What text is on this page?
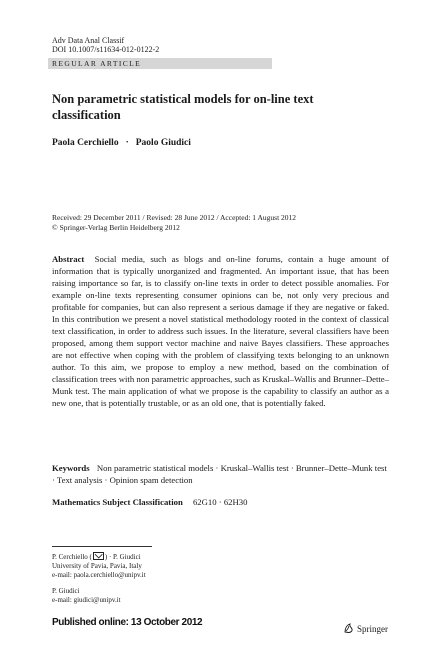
Adv Data Anal Classif
DOI 10.1007/s11634-012-0122-2
REGULAR ARTICLE
Non parametric statistical models for on-line text classification
Paola Cerchiello · Paolo Giudici
Received: 29 December 2011 / Revised: 28 June 2012 / Accepted: 1 August 2012
© Springer-Verlag Berlin Heidelberg 2012

Abstract Social media, such as blogs and on-line forums, contain a huge amount of information that is typically unorganized and fragmented. An important issue, that has been raising importance so far, is to classify on-line texts in order to detect possible anomalies. For example on-line texts representing consumer opinions can be, not only very precious and profitable for companies, but can also represent a serious damage if they are negative or faked. In this contribution we present a novel statistical methodology rooted in the context of classical text classification, in order to address such issues. In the literature, several classifiers have been proposed, among them support vector machine and naive Bayes classifiers. These approaches are not effective when coping with the problem of classifying texts belonging to an unknown author. To this aim, we propose to employ a new method, based on the combination of classification trees with non parametric approaches, such as Kruskal–Wallis and Brunner–Dette–Munk test. The main application of what we propose is the capability to classify an author as a new one, that is potentially trustable, or as an old one, that is potentially faked.

Keywords Non parametric statistical models · Kruskal–Wallis test · Brunner–Dette–Munk test · Text analysis · Opinion spam detection

Mathematics Subject Classification 62G10 · 62H30
P. Cerchiello ( ) · P. Giudici
University of Pavia, Pavia, Italy
e-mail: paola.cerchiello@unipv.it
P. Giudici
e-mail: giudici@unipv.it
Published online: 13 October 2012
Springer
